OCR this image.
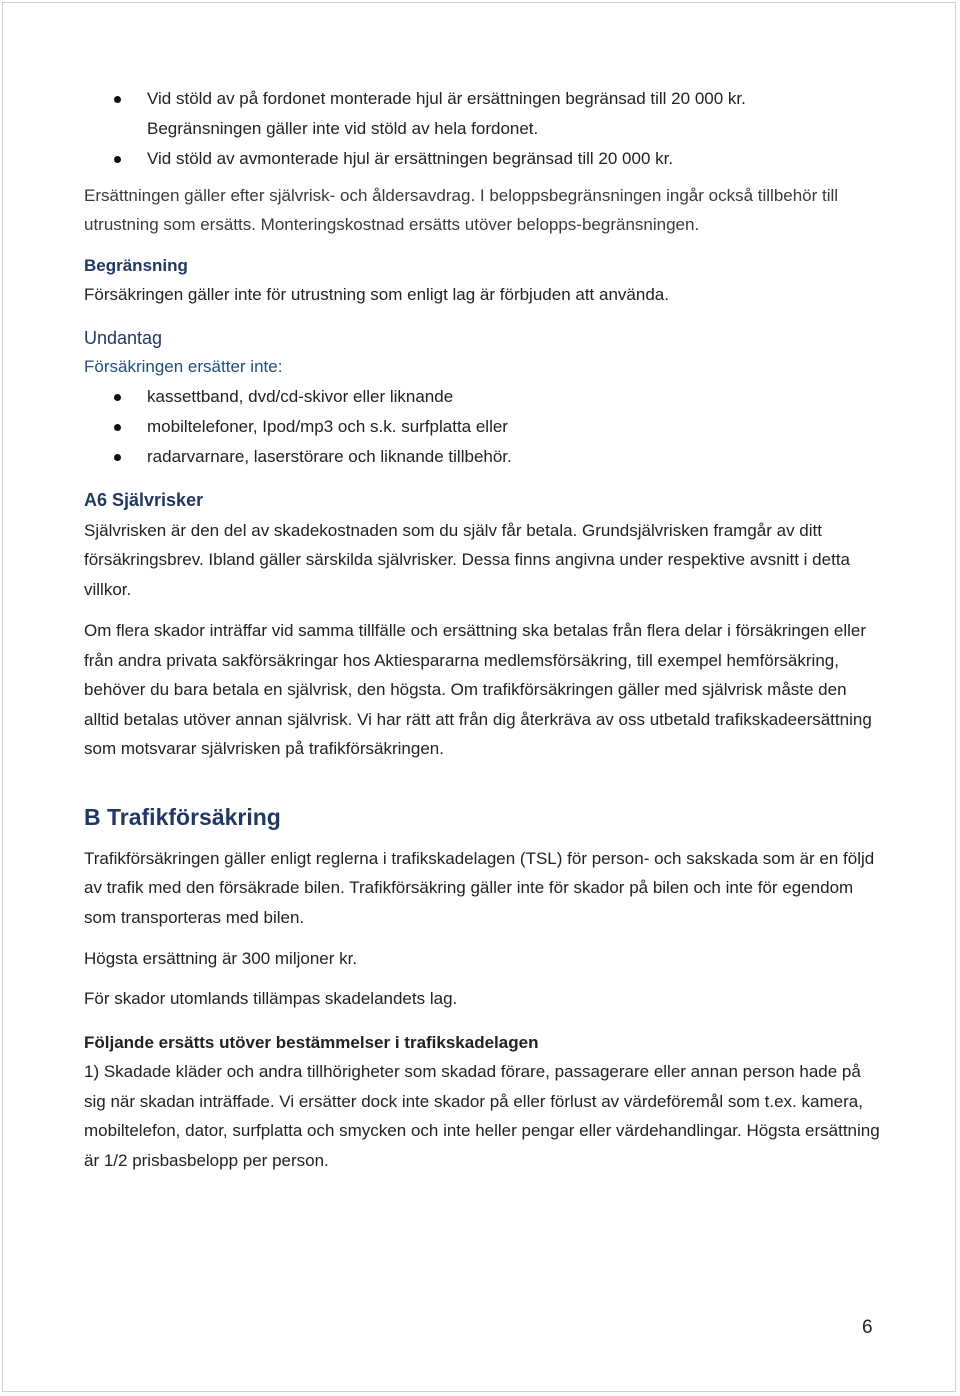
Vid stöld av på fordonet monterade hjul är ersättningen begränsad till 20 000 kr.
Begränsningen gäller inte vid stöld av hela fordonet.
Vid stöld av avmonterade hjul är ersättningen begränsad till 20 000 kr.
Ersättningen gäller efter självrisk- och åldersavdrag. I beloppsbegränsningen ingår också tillbehör till utrustning som ersätts. Monteringskostnad ersätts utöver belopps-begränsningen.
Begränsning
Försäkringen gäller inte för utrustning som enligt lag är förbjuden att använda.
Undantag
Försäkringen ersätter inte:
kassettband, dvd/cd-skivor eller liknande
mobiltelefoner, Ipod/mp3 och s.k. surfplatta eller
radarvarnare, laserstörare och liknande tillbehör.
A6 Självrisker
Självrisken är den del av skadekostnaden som du själv får betala. Grundsjälvrisken framgår av ditt försäkringsbrev. Ibland gäller särskilda självrisker. Dessa finns angivna under respektive avsnitt i detta villkor.
Om flera skador inträffar vid samma tillfälle och ersättning ska betalas från flera delar i försäkringen eller från andra privata sakförsäkringar hos Aktiespararna medlemsförsäkring, till exempel hemförsäkring, behöver du bara betala en självrisk, den högsta. Om trafikförsäkringen gäller med självrisk måste den alltid betalas utöver annan självrisk. Vi har rätt att från dig återkräva av oss utbetald trafikskadeersättning som motsvarar självrisken på trafikförsäkringen.
B Trafikförsäkring
Trafikförsäkringen gäller enligt reglerna i trafikskadelagen (TSL) för person- och sakskada som är en följd av trafik med den försäkrade bilen. Trafikförsäkring gäller inte för skador på bilen och inte för egendom som transporteras med bilen.
Högsta ersättning är 300 miljoner kr.
För skador utomlands tillämpas skadelandets lag.
Följande ersätts utöver bestämmelser i trafikskadelagen
1) Skadade kläder och andra tillhörigheter som skadad förare, passagerare eller annan person hade på sig när skadan inträffade. Vi ersätter dock inte skador på eller förlust av värdeföremål som t.ex. kamera, mobiltelefon, dator, surfplatta och smycken och inte heller pengar eller värdehandlingar. Högsta ersättning är 1/2 prisbasbelopp per person.
6
